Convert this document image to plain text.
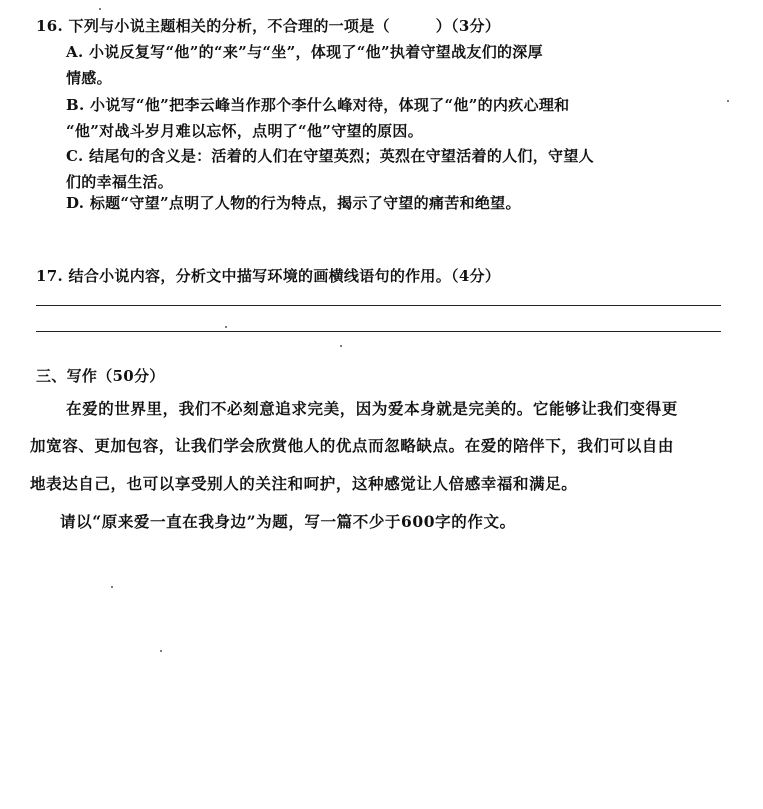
16. 下列与小说主题相关的分析，不合理的一项是（　　　）（3分）
A. 小说反复写“他”的“来”与“坐”，体现了“他”执着守望战友们的深厚
情感。
B. 小说写“他”把李云峰当作那个李什么峰对待，体现了“他”的内疚心理和
“他”对战斗岁月难以忘怀，点明了“他”守望的原因。
C. 结尾句的含义是：活着的人们在守望英烈；英烈在守望活着的人们，守望人
们的幸福生活。
D. 标题“守望”点明了人物的行为特点，揭示了守望的痛苦和绝望。
17. 结合小说内容，分析文中描写环境的画横线语句的作用。（4分）
三、写作（50分）
在爱的世界里，我们不必刻意追求完美，因为爱本身就是完美的。它能够让我们变得更
加宽容、更加包容，让我们学会欣赏他人的优点而忽略缺点。在爱的陪伴下，我们可以自由
地表达自己，也可以享受别人的关注和呵护，这种感觉让人倍感幸福和满足。
请以“原来爱一直在我身边”为题，写一篇不少于600字的作文。
